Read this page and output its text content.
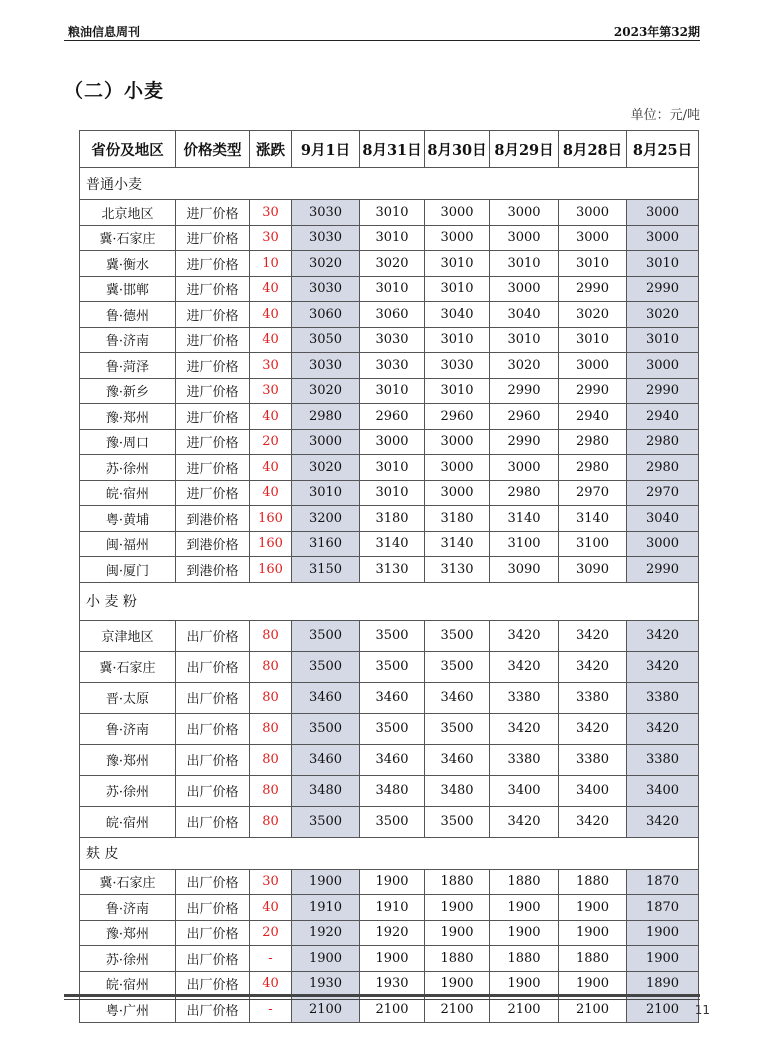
粮油信息周刊	2023年第32期
（二）小麦
单位：元/吨
省份及地区	价格类型	涨跌	9月1日	8月31日	8月30日	8月29日	8月28日	8月25日
普通小麦								
北京地区	进厂价格	30	3030	3010	3000	3000	3000	3000
冀·石家庄	进厂价格	30	3030	3010	3000	3000	3000	3000
冀·衡水	进厂价格	10	3020	3020	3010	3010	3010	3010
冀·邯郸	进厂价格	40	3030	3010	3010	3000	2990	2990
鲁·德州	进厂价格	40	3060	3060	3040	3040	3020	3020
鲁·济南	进厂价格	40	3050	3030	3010	3010	3010	3010
鲁·菏泽	进厂价格	30	3030	3030	3030	3020	3000	3000
豫·新乡	进厂价格	30	3020	3010	3010	2990	2990	2990
豫·郑州	进厂价格	40	2980	2960	2960	2960	2940	2940
豫·周口	进厂价格	20	3000	3000	3000	2990	2980	2980
苏·徐州	进厂价格	40	3020	3010	3000	3000	2980	2980
皖·宿州	进厂价格	40	3010	3010	3000	2980	2970	2970
粤·黄埔	到港价格	160	3200	3180	3180	3140	3140	3040
闽·福州	到港价格	160	3160	3140	3140	3100	3100	3000
闽·厦门	到港价格	160	3150	3130	3130	3090	3090	2990
小 麦 粉								
京津地区	出厂价格	80	3500	3500	3500	3420	3420	3420
冀·石家庄	出厂价格	80	3500	3500	3500	3420	3420	3420
晋·太原	出厂价格	80	3460	3460	3460	3380	3380	3380
鲁·济南	出厂价格	80	3500	3500	3500	3420	3420	3420
豫·郑州	出厂价格	80	3460	3460	3460	3380	3380	3380
苏·徐州	出厂价格	80	3480	3480	3480	3400	3400	3400
皖·宿州	出厂价格	80	3500	3500	3500	3420	3420	3420
麸 皮								
冀·石家庄	出厂价格	30	1900	1900	1880	1880	1880	1870
鲁·济南	出厂价格	40	1910	1910	1900	1900	1900	1870
豫·郑州	出厂价格	20	1920	1920	1900	1900	1900	1900
苏·徐州	出厂价格	-	1900	1900	1880	1880	1880	1900
皖·宿州	出厂价格	40	1930	1930	1900	1900	1900	1890
粤·广州	出厂价格	-	2100	2100	2100	2100	2100	2100 11
